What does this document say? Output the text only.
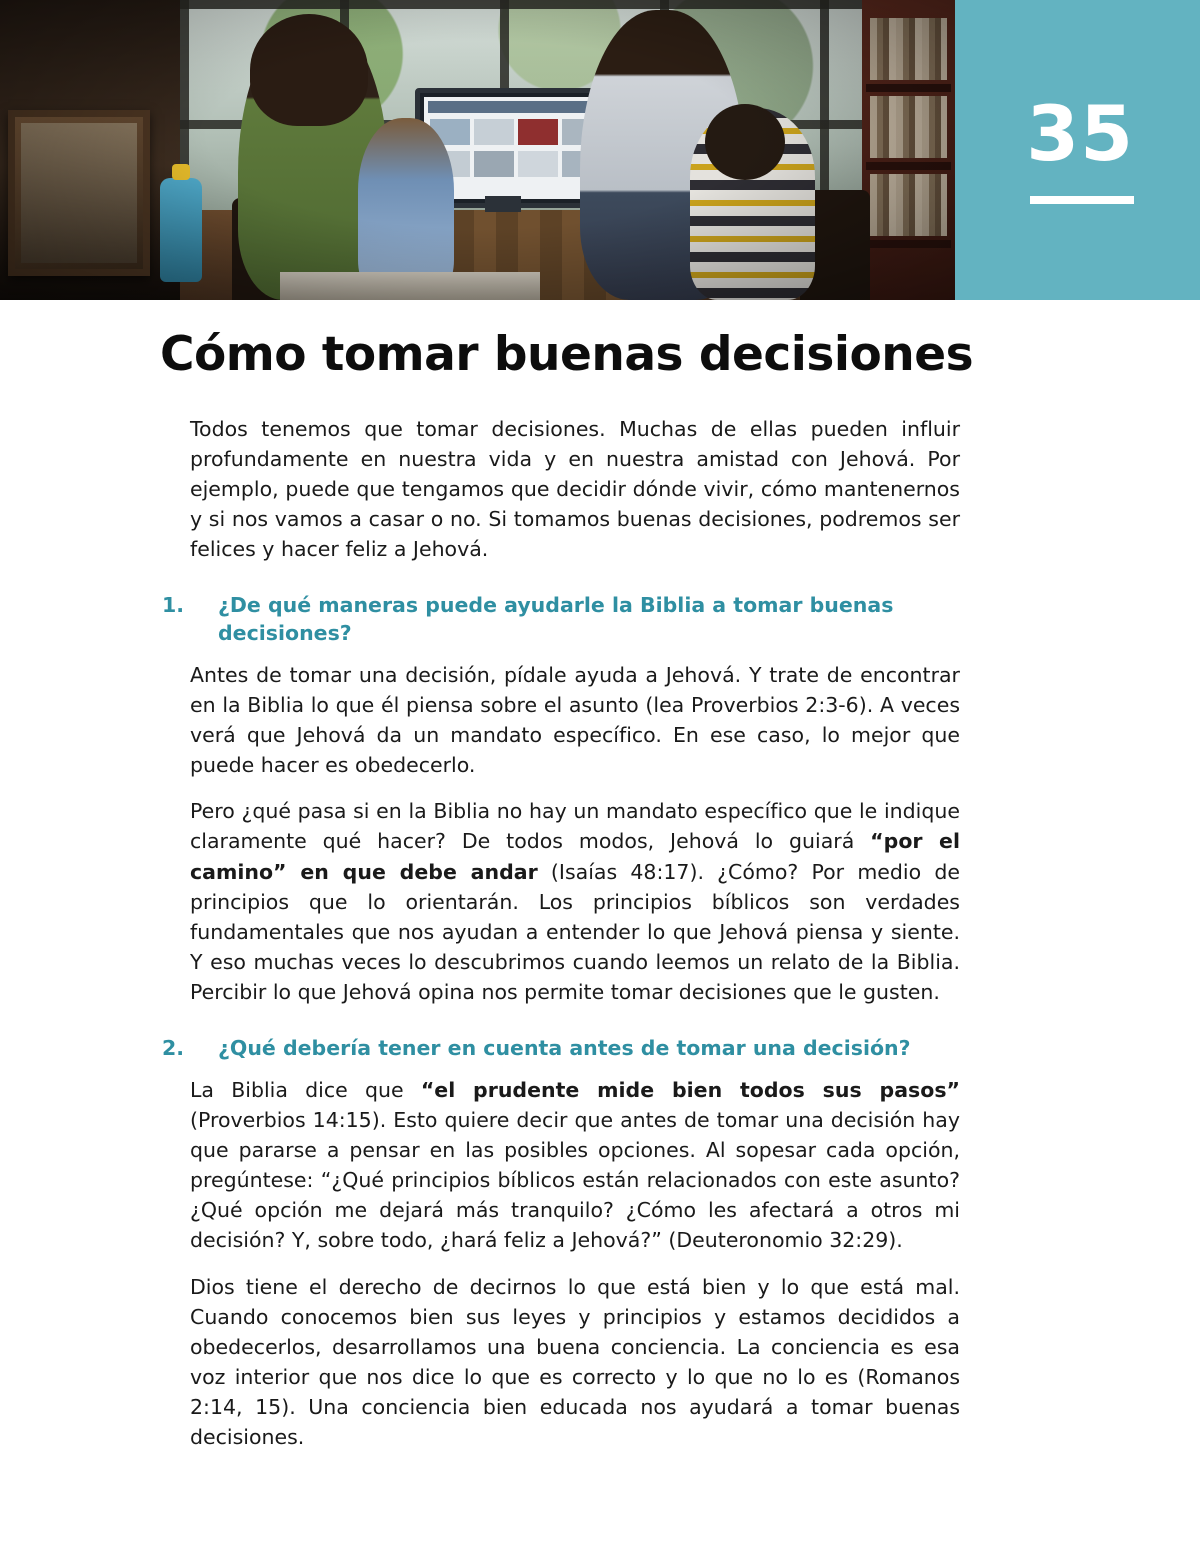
35
Cómo tomar buenas decisiones

Todos tenemos que tomar decisiones. Muchas de ellas pueden influir profundamente en nuestra vida y en nuestra amistad con Jehová. Por ejemplo, puede que tengamos que decidir dónde vivir, cómo mantenernos y si nos vamos a casar o no. Si tomamos buenas decisiones, podremos ser felices y hacer feliz a Jehová.

1. ¿De qué maneras puede ayudarle la Biblia a tomar buenas decisiones?

Antes de tomar una decisión, pídale ayuda a Jehová. Y trate de encontrar en la Biblia lo que él piensa sobre el asunto (lea Proverbios 2:3-6). A veces verá que Jehová da un mandato específico. En ese caso, lo mejor que puede hacer es obedecerlo.

Pero ¿qué pasa si en la Biblia no hay un mandato específico que le indique claramente qué hacer? De todos modos, Jehová lo guiará “por el camino” en que debe andar (Isaías 48:17). ¿Cómo? Por medio de principios que lo orientarán. Los principios bíblicos son verdades fundamentales que nos ayudan a entender lo que Jehová piensa y siente. Y eso muchas veces lo descubrimos cuando leemos un relato de la Biblia. Percibir lo que Jehová opina nos permite tomar decisiones que le gusten.

2. ¿Qué debería tener en cuenta antes de tomar una decisión?

La Biblia dice que “el prudente mide bien todos sus pasos” (Proverbios 14:15). Esto quiere decir que antes de tomar una decisión hay que pararse a pensar en las posibles opciones. Al sopesar cada opción, pregúntese: “¿Qué principios bíblicos están relacionados con este asunto? ¿Qué opción me dejará más tranquilo? ¿Cómo les afectará a otros mi decisión? Y, sobre todo, ¿hará feliz a Jehová?” (Deuteronomio 32:29).

Dios tiene el derecho de decirnos lo que está bien y lo que está mal. Cuando conocemos bien sus leyes y principios y estamos decididos a obedecerlos, desarrollamos una buena conciencia. La conciencia es esa voz interior que nos dice lo que es correcto y lo que no lo es (Romanos 2:14, 15). Una conciencia bien educada nos ayudará a tomar buenas decisiones.
